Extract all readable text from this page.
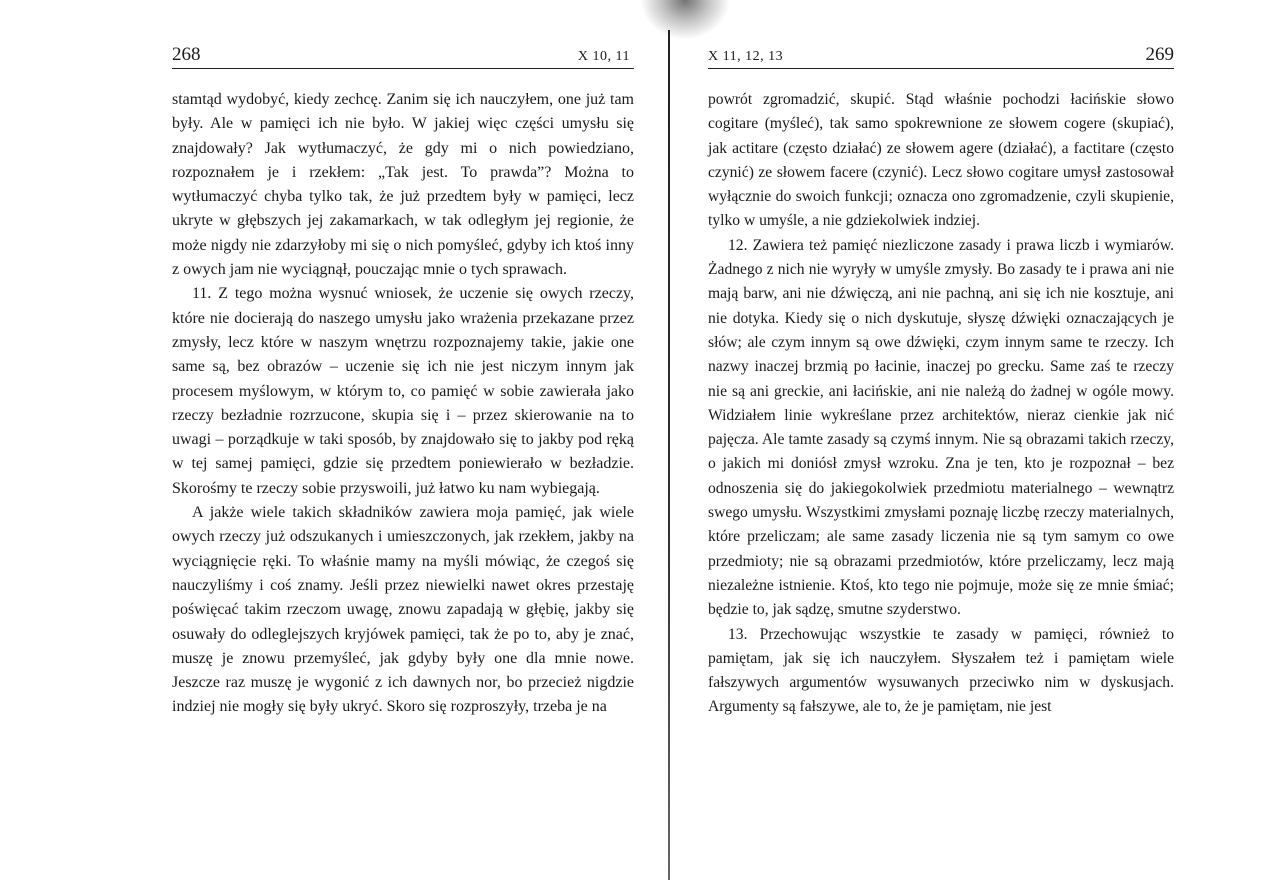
268	X 10, 11

stamtąd wydobyć, kiedy zechcę. Zanim się ich nauczyłem, one już tam były. Ale w pamięci ich nie było. W jakiej więc części umysłu się znajdowały? Jak wytłumaczyć, że gdy mi o nich powiedziano, rozpoznałem je i rzekłem: „Tak jest. To prawda”? Można to wytłumaczyć chyba tylko tak, że już przedtem były w pamięci, lecz ukryte w głębszych jej zakamarkach, w tak odległym jej regionie, że może nigdy nie zdarzyłoby mi się o nich pomyśleć, gdyby ich ktoś inny z owych jam nie wyciągnął, pouczając mnie o tych sprawach.

11. Z tego można wysnuć wniosek, że uczenie się owych rzeczy, które nie docierają do naszego umysłu jako wrażenia przekazane przez zmysły, lecz które w naszym wnętrzu rozpoznajemy takie, jakie one same są, bez obrazów – uczenie się ich nie jest niczym innym jak procesem myślowym, w którym to, co pamięć w sobie zawierała jako rzeczy bezładnie rozrzucone, skupia się i – przez skierowanie na to uwagi – porządkuje w taki sposób, by znajdowało się to jakby pod ręką w tej samej pamięci, gdzie się przedtem poniewierało w bezładzie. Skorośmy te rzeczy sobie przyswoili, już łatwo ku nam wybiegają.

A jakże wiele takich składników zawiera moja pamięć, jak wiele owych rzeczy już odszukanych i umieszczonych, jak rzekłem, jakby na wyciągnięcie ręki. To właśnie mamy na myśli mówiąc, że czegoś się nauczyliśmy i coś znamy. Jeśli przez niewielki nawet okres przestaję poświęcać takim rzeczom uwagę, znowu zapadają w głębię, jakby się osuwały do odleglejszych kryjówek pamięci, tak że po to, aby je znać, muszę je znowu przemyśleć, jak gdyby były one dla mnie nowe. Jeszcze raz muszę je wygonić z ich dawnych nor, bo przecież nigdzie indziej nie mogły się były ukryć. Skoro się rozproszyły, trzeba je na

X 11, 12, 13	269

powrót zgromadzić, skupić. Stąd właśnie pochodzi łacińskie słowo cogitare (myśleć), tak samo spokrewnione ze słowem cogere (skupiać), jak actitare (często działać) ze słowem agere (działać), a factitare (często czynić) ze słowem facere (czynić). Lecz słowo cogitare umysł zastosował wyłącznie do swoich funkcji; oznacza ono zgromadzenie, czyli skupienie, tylko w umyśle, a nie gdziekolwiek indziej.

12. Zawiera też pamięć niezliczone zasady i prawa liczb i wymiarów. Żadnego z nich nie wyryły w umyśle zmysły. Bo zasady te i prawa ani nie mają barw, ani nie dźwięczą, ani nie pachną, ani się ich nie kosztuje, ani nie dotyka. Kiedy się o nich dyskutuje, słyszę dźwięki oznaczających je słów; ale czym innym są owe dźwięki, czym innym same te rzeczy. Ich nazwy inaczej brzmią po łacinie, inaczej po grecku. Same zaś te rzeczy nie są ani greckie, ani łacińskie, ani nie należą do żadnej w ogóle mowy. Widziałem linie wykreślane przez architektów, nieraz cienkie jak nić pajęcza. Ale tamte zasady są czymś innym. Nie są obrazami takich rzeczy, o jakich mi doniósł zmysł wzroku. Zna je ten, kto je rozpoznał – bez odnoszenia się do jakiegokolwiek przedmiotu materialnego – wewnątrz swego umysłu. Wszystkimi zmysłami poznaję liczbę rzeczy materialnych, które przeliczam; ale same zasady liczenia nie są tym samym co owe przedmioty; nie są obrazami przedmiotów, które przeliczamy, lecz mają niezależne istnienie. Ktoś, kto tego nie pojmuje, może się ze mnie śmiać; będzie to, jak sądzę, smutne szyderstwo.

13. Przechowując wszystkie te zasady w pamięci, również to pamiętam, jak się ich nauczyłem. Słyszałem też i pamiętam wiele fałszywych argumentów wysuwanych przeciwko nim w dyskusjach. Argumenty są fałszywe, ale to, że je pamiętam, nie jest
